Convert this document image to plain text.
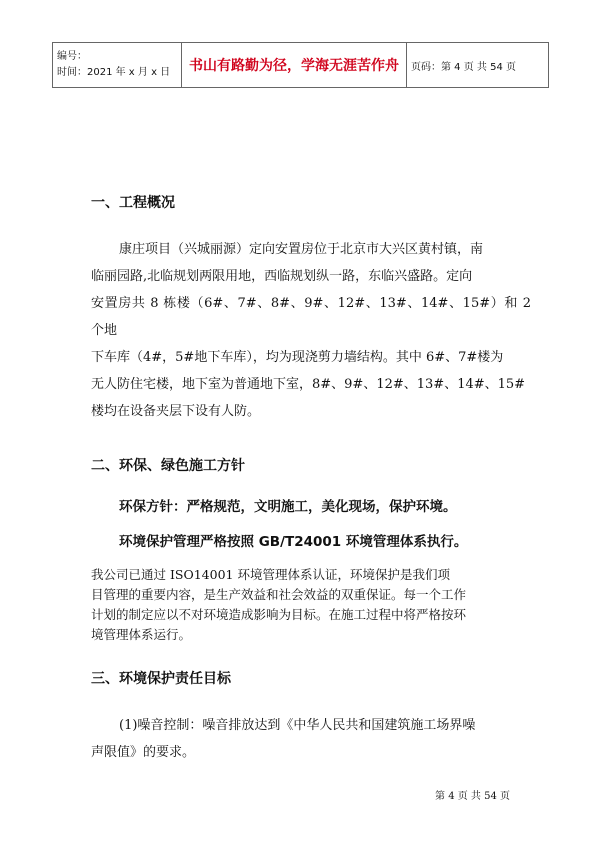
编号：
时间：2021 年 x 月 x 日	书山有路勤为径，学海无涯苦作舟	页码：第 4 页 共 54 页
一、工程概况
康庄项目（兴城丽源）定向安置房位于北京市大兴区黄村镇，南
临丽园路,北临规划两限用地，西临规划纵一路，东临兴盛路。定向
安置房共 8 栋楼（6#、7#、8#、9#、12#、13#、14#、15#）和 2 个地
下车库（4#，5#地下车库），均为现浇剪力墙结构。其中 6#、7#楼为
无人防住宅楼，地下室为普通地下室，8#、9#、12#、13#、14#、15#
楼均在设备夹层下设有人防。
二、环保、绿色施工方针
环保方针：严格规范，文明施工，美化现场，保护环境。
环境保护管理严格按照 GB/T24001 环境管理体系执行。
我公司已通过 ISO14001 环境管理体系认证，环境保护是我们项
目管理的重要内容，是生产效益和社会效益的双重保证。每一个工作
计划的制定应以不对环境造成影响为目标。在施工过程中将严格按环
境管理体系运行。
三、环境保护责任目标
(1)噪音控制：噪音排放达到《中华人民共和国建筑施工场界噪
声限值》的要求。
第 4 页 共 54 页
